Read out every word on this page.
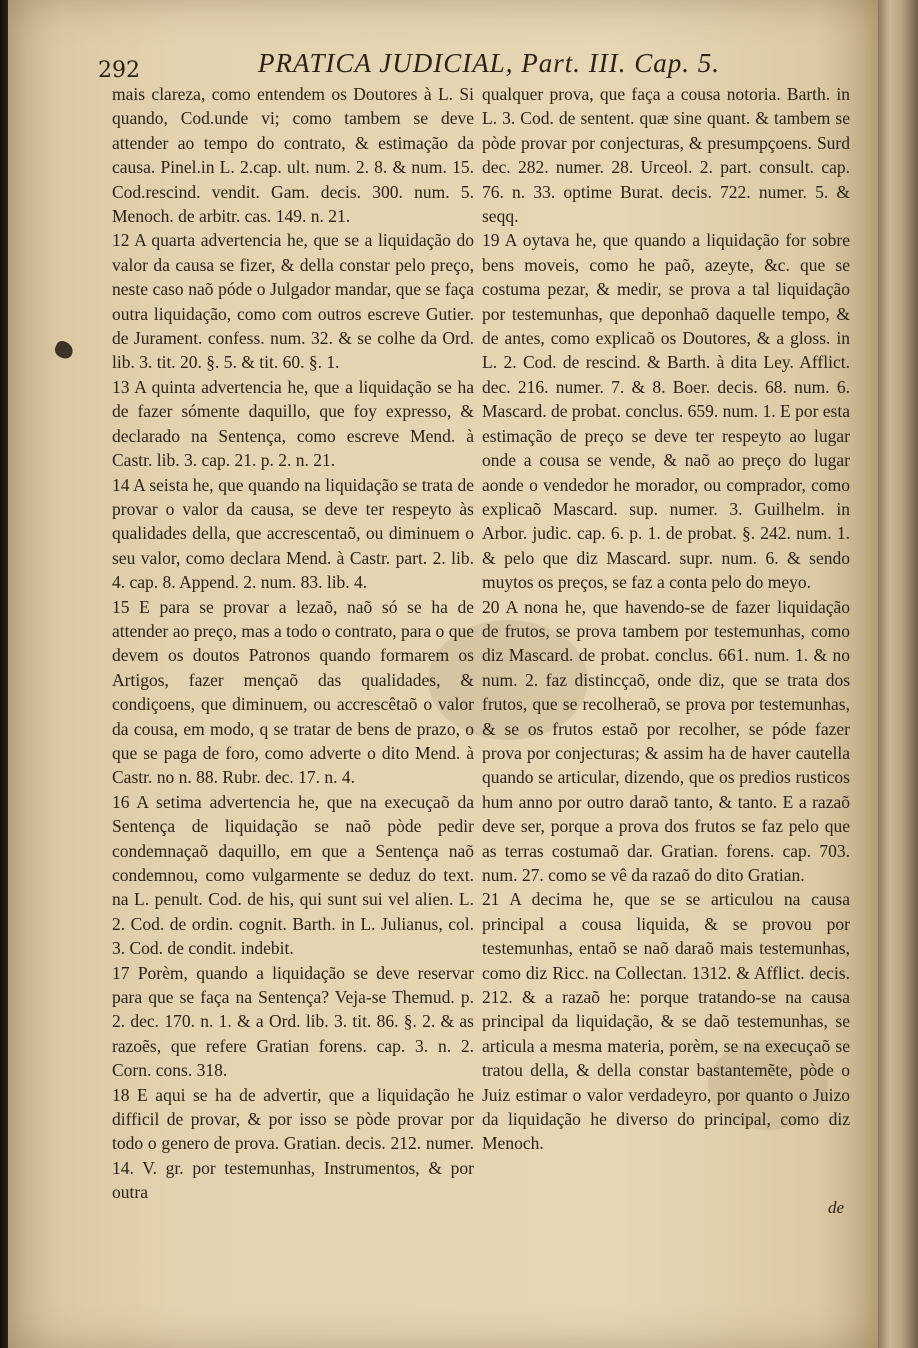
292	PRATICA JUDICIAL, Part. III. Cap. 5.

mais clareza, como entendem os Doutores à L. Si quando, Cod.unde vi; como tambem se deve attender ao tempo do contrato, & estimação da causa. Pinel.in L. 2.cap. ult. num. 2. 8. & num. 15. Cod.rescind. vendit. Gam. decis. 300. num. 5. Menoch. de arbitr. cas. 149. n. 21.

12 A quarta advertencia he, que se a liquidação do valor da causa se fizer, & della constar pelo preço, neste caso naõ póde o Julgador mandar, que se faça outra liquidação, como com outros escreve Gutier. de Jurament. confess. num. 32. & se colhe da Ord. lib. 3. tit. 20. §. 5. & tit. 60. §. 1.

13 A quinta advertencia he, que a liquidação se ha de fazer sómente daquillo, que foy expresso, & declarado na Sentença, como escreve Mend. à Castr. lib. 3. cap. 21. p. 2. n. 21.

14 A seista he, que quando na liquidação se trata de provar o valor da causa, se deve ter respeyto às qualidades della, que accrescentaõ, ou diminuem o seu valor, como declara Mend. à Castr. part. 2. lib. 4. cap. 8. Append. 2. num. 83. lib. 4.

15 E para se provar a lezaõ, naõ só se ha de attender ao preço, mas a todo o contrato, para o que devem os doutos Patronos quando formarem os Artigos, fazer mençaõ das qualidades, & condiçoens, que diminuem, ou accrescêtaõ o valor da cousa, em modo, q se tratar de bens de prazo, o que se paga de foro, como adverte o dito Mend. à Castr. no n. 88. Rubr. dec. 17. n. 4.

16 A setima advertencia he, que na execuçaõ da Sentença de liquidação se naõ pòde pedir condemnaçaõ daquillo, em que a Sentença naõ condemnou, como vulgarmente se deduz do text. na L. penult. Cod. de his, qui sunt sui vel alien. L. 2. Cod. de ordin. cognit. Barth. in L. Julianus, col. 3. Cod. de condit. indebit.

17 Porèm, quando a liquidação se deve reservar para que se faça na Sentença? Veja-se Themud. p. 2. dec. 170. n. 1. & a Ord. lib. 3. tit. 86. §. 2. & as razoẽs, que refere Gratian forens. cap. 3. n. 2. Corn. cons. 318.

18 E aqui se ha de advertir, que a liquidação he difficil de provar, & por isso se pòde provar por todo o genero de prova. Gratian. decis. 212. numer. 14. V. gr. por testemunhas, Instrumentos, & por outra

qualquer prova, que faça a cousa notoria. Barth. in L. 3. Cod. de sentent. quæ sine quant. & tambem se pòde provar por conjecturas, & presumpçoens. Surd dec. 282. numer. 28. Urceol. 2. part. consult. cap. 76. n. 33. optime Burat. decis. 722. numer. 5. & seqq.

19 A oytava he, que quando a liquidação for sobre bens moveis, como he paõ, azeyte, &c. que se costuma pezar, & medir, se prova a tal liquidação por testemunhas, que deponhaõ daquelle tempo, & de antes, como explicaõ os Doutores, & a gloss. in L. 2. Cod. de rescind. & Barth. à dita Ley. Afflict. dec. 216. numer. 7. & 8. Boer. decis. 68. num. 6. Mascard. de probat. conclus. 659. num. 1. E por esta estimação de preço se deve ter respeyto ao lugar onde a cousa se vende, & naõ ao preço do lugar aonde o vendedor he morador, ou comprador, como explicaõ Mascard. sup. numer. 3. Guilhelm. in Arbor. judic. cap. 6. p. 1. de probat. §. 242. num. 1. & pelo que diz Mascard. supr. num. 6. & sendo muytos os preços, se faz a conta pelo do meyo.

20 A nona he, que havendo-se de fazer liquidação de frutos, se prova tambem por testemunhas, como diz Mascard. de probat. conclus. 661. num. 1. & no num. 2. faz distincçaõ, onde diz, que se trata dos frutos, que se recolheraõ, se prova por testemunhas, & se os frutos estaõ por recolher, se póde fazer prova por conjecturas; & assim ha de haver cautella quando se articular, dizendo, que os predios rusticos hum anno por outro daraõ tanto, & tanto. E a razaõ deve ser, porque a prova dos frutos se faz pelo que as terras costumaõ dar. Gratian. forens. cap. 703. num. 27. como se vê da razaõ do dito Gratian.

21 A decima he, que se se articulou na causa principal a cousa liquida, & se provou por testemunhas, entaõ se naõ daraõ mais testemunhas, como diz Ricc. na Collectan. 1312. & Afflict. decis. 212. & a razaõ he: porque tratando-se na causa principal da liquidação, & se daõ testemunhas, se articula a mesma materia, porèm, se na execuçaõ se tratou della, & della constar bastantemẽte, pòde o Juiz estimar o valor verdadeyro, por quanto o Juizo da liquidação he diverso do principal, como diz Menoch.

de
